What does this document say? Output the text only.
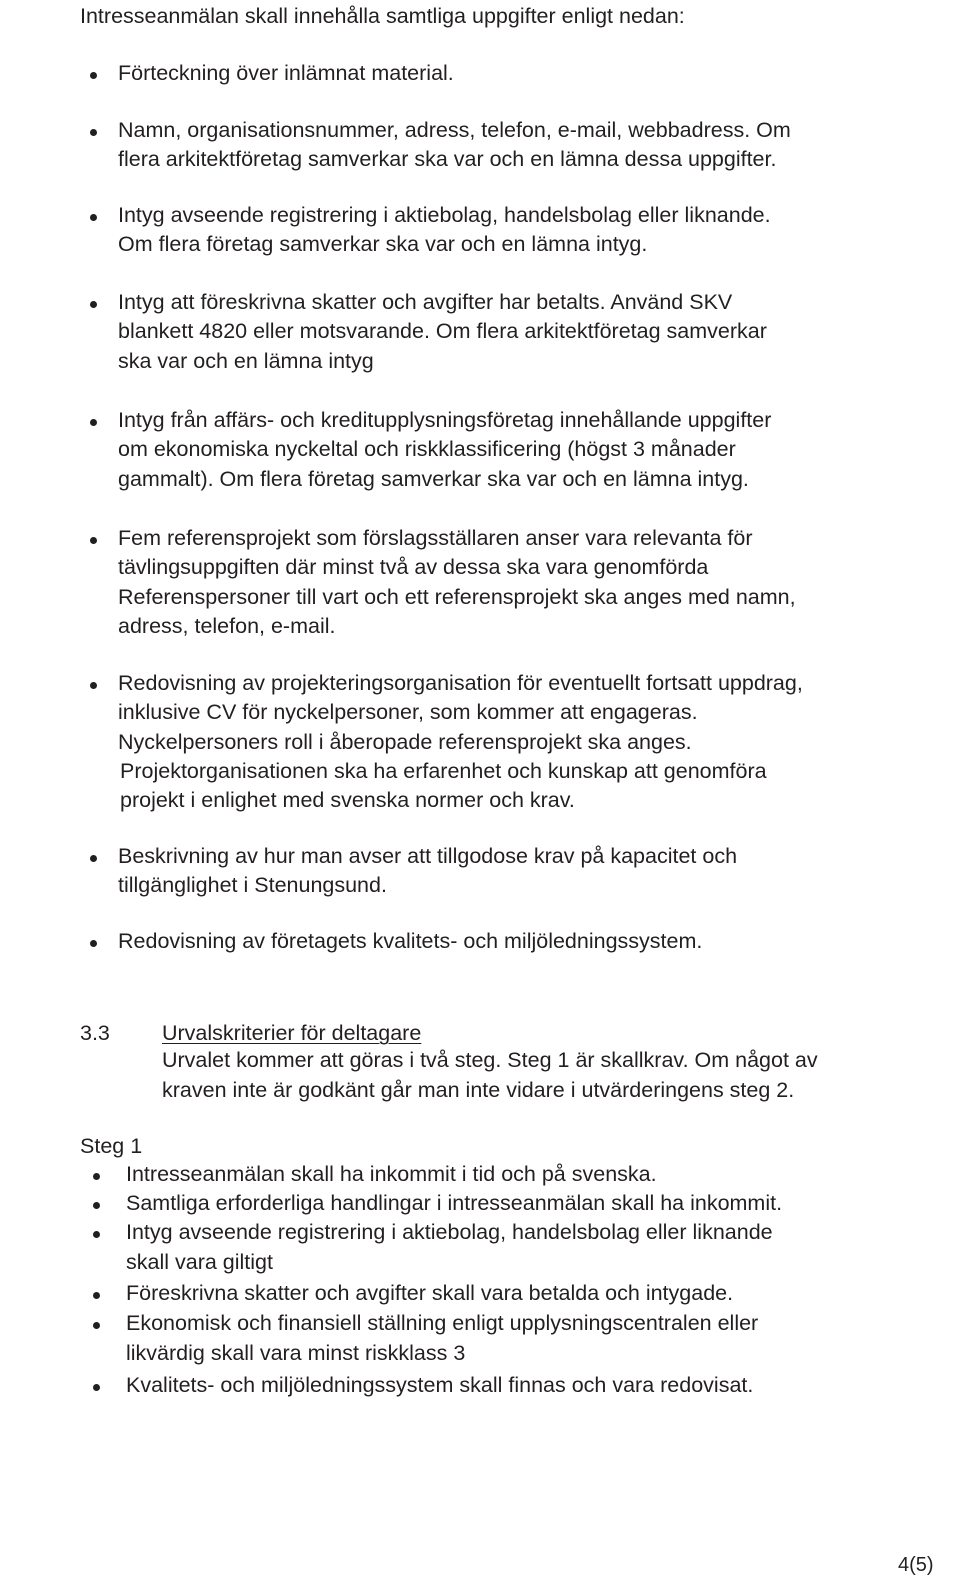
Intresseanmälan skall innehålla samtliga uppgifter enligt nedan:
Förteckning över inlämnat material.
Namn, organisationsnummer, adress, telefon, e-mail, webbadress. Om
flera arkitektföretag samverkar ska var och en lämna dessa uppgifter.
Intyg avseende registrering i aktiebolag, handelsbolag eller liknande.
Om flera företag samverkar ska var och en lämna intyg.
Intyg att föreskrivna skatter och avgifter har betalts. Använd SKV
blankett 4820 eller motsvarande. Om flera arkitektföretag samverkar
ska var och en lämna intyg
Intyg från affärs- och kreditupplysningsföretag innehållande uppgifter
om ekonomiska nyckeltal och riskklassificering (högst 3 månader
gammalt). Om flera företag samverkar ska var och en lämna intyg.
Fem referensprojekt som förslagsställaren anser vara relevanta för
tävlingsuppgiften där minst två av dessa ska vara genomförda
Referenspersoner till vart och ett referensprojekt ska anges med namn,
adress, telefon, e-mail.
Redovisning av projekteringsorganisation för eventuellt fortsatt uppdrag,
inklusive CV för nyckelpersoner, som kommer att engageras.
Nyckelpersoners roll i åberopade referensprojekt ska anges.
Projektorganisationen ska ha erfarenhet och kunskap att genomföra
projekt i enlighet med svenska normer och krav.
Beskrivning av hur man avser att tillgodose krav på kapacitet och
tillgänglighet i Stenungsund.
Redovisning av företagets kvalitets- och miljöledningssystem.
3.3 Urvalskriterier för deltagare
Urvalet kommer att göras i två steg. Steg 1 är skallkrav. Om något av
kraven inte är godkänt går man inte vidare i utvärderingens steg 2.
Steg 1
Intresseanmälan skall ha inkommit i tid och på svenska.
Samtliga erforderliga handlingar i intresseanmälan skall ha inkommit.
Intyg avseende registrering i aktiebolag, handelsbolag eller liknande
skall vara giltigt
Föreskrivna skatter och avgifter skall vara betalda och intygade.
Ekonomisk och finansiell ställning enligt upplysningscentralen eller
likvärdig skall vara minst riskklass 3
Kvalitets- och miljöledningssystem skall finnas och vara redovisat.
4(5)
